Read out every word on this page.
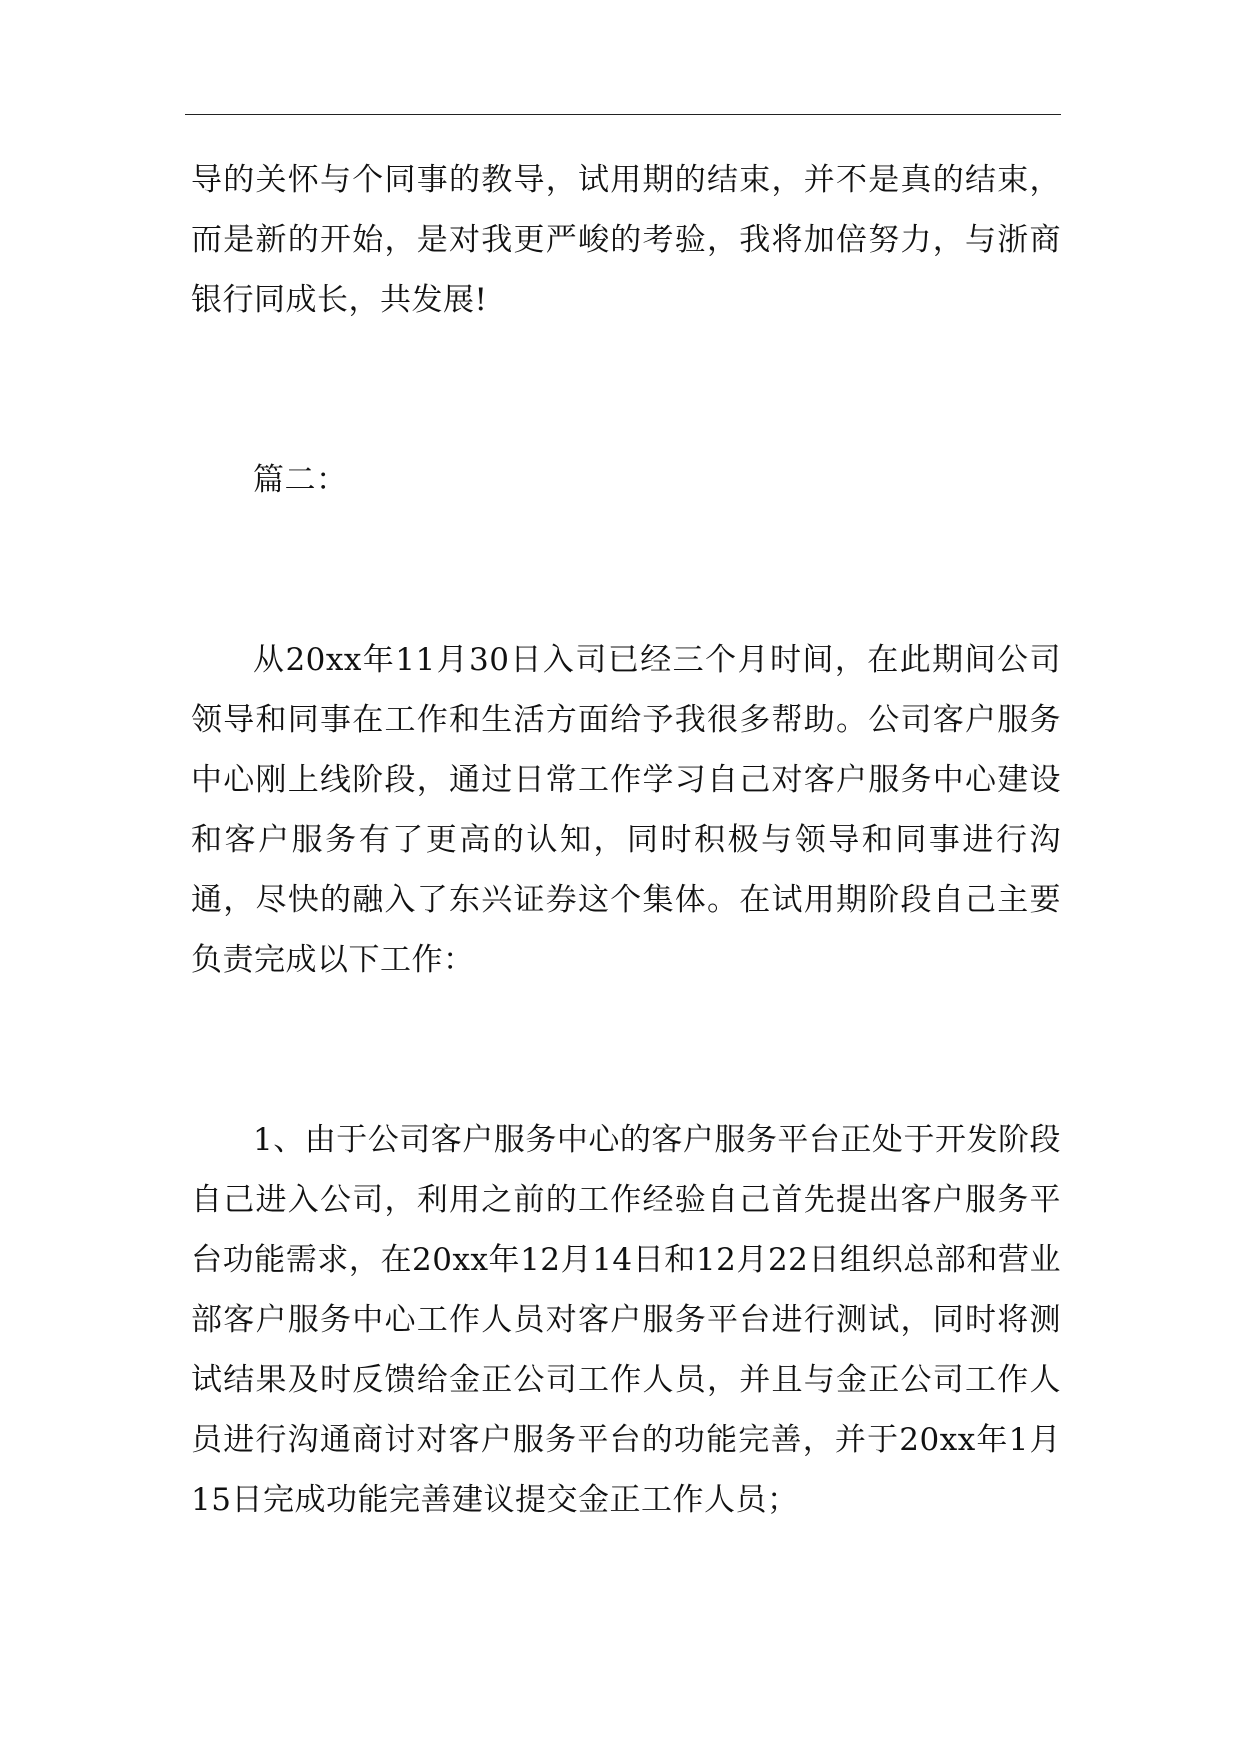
导的关怀与个同事的教导，试用期的结束，并不是真的结束，而是新的开始，是对我更严峻的考验，我将加倍努力，与浙商银行同成长，共发展!

篇二：

从20xx年11月30日入司已经三个月时间，在此期间公司领导和同事在工作和生活方面给予我很多帮助。公司客户服务中心刚上线阶段，通过日常工作学习自己对客户服务中心建设和客户服务有了更高的认知，同时积极与领导和同事进行沟通，尽快的融入了东兴证券这个集体。在试用期阶段自己主要负责完成以下工作：

1、由于公司客户服务中心的客户服务平台正处于开发阶段自己进入公司，利用之前的工作经验自己首先提出客户服务平台功能需求，在20xx年12月14日和12月22日组织总部和营业部客户服务中心工作人员对客户服务平台进行测试，同时将测试结果及时反馈给金正公司工作人员，并且与金正公司工作人员进行沟通商讨对客户服务平台的功能完善，并于20xx年1月15日完成功能完善建议提交金正工作人员；
